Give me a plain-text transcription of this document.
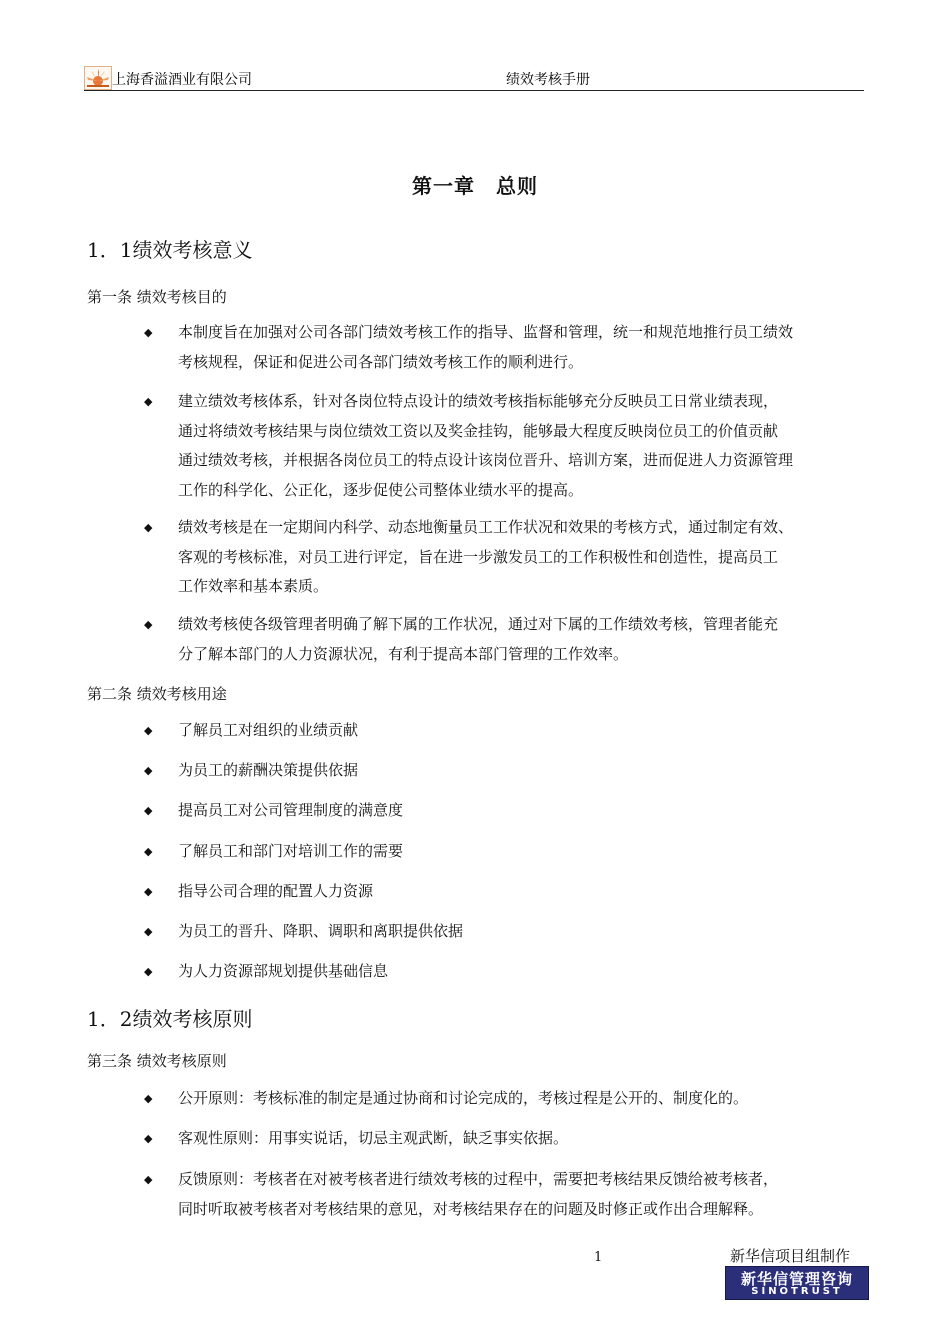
上海香溢酒业有限公司	绩效考核手册
第一章　总则
1．1绩效考核意义
第一条 绩效考核目的
◆	本制度旨在加强对公司各部门绩效考核工作的指导、监督和管理，统一和规范地推行员工绩效
考核规程，保证和促进公司各部门绩效考核工作的顺利进行。
◆	建立绩效考核体系，针对各岗位特点设计的绩效考核指标能够充分反映员工日常业绩表现，
通过将绩效考核结果与岗位绩效工资以及奖金挂钩，能够最大程度反映岗位员工的价值贡献
通过绩效考核，并根据各岗位员工的特点设计该岗位晋升、培训方案，进而促进人力资源管理
工作的科学化、公正化，逐步促使公司整体业绩水平的提高。
◆	绩效考核是在一定期间内科学、动态地衡量员工工作状况和效果的考核方式，通过制定有效、
客观的考核标准，对员工进行评定，旨在进一步激发员工的工作积极性和创造性，提高员工
工作效率和基本素质。
◆	绩效考核使各级管理者明确了解下属的工作状况，通过对下属的工作绩效考核，管理者能充
分了解本部门的人力资源状况，有利于提高本部门管理的工作效率。
第二条 绩效考核用途
◆	了解员工对组织的业绩贡献
◆	为员工的薪酬决策提供依据
◆	提高员工对公司管理制度的满意度
◆	了解员工和部门对培训工作的需要
◆	指导公司合理的配置人力资源
◆	为员工的晋升、降职、调职和离职提供依据
◆	为人力资源部规划提供基础信息
1．2绩效考核原则
第三条 绩效考核原则
◆	公开原则：考核标准的制定是通过协商和讨论完成的，考核过程是公开的、制度化的。
◆	客观性原则：用事实说话，切忌主观武断，缺乏事实依据。
◆	反馈原则：考核者在对被考核者进行绩效考核的过程中，需要把考核结果反馈给被考核者，
同时听取被考核者对考核结果的意见，对考核结果存在的问题及时修正或作出合理解释。
1	新华信项目组制作
新华信管理咨询
SINOTRUST
